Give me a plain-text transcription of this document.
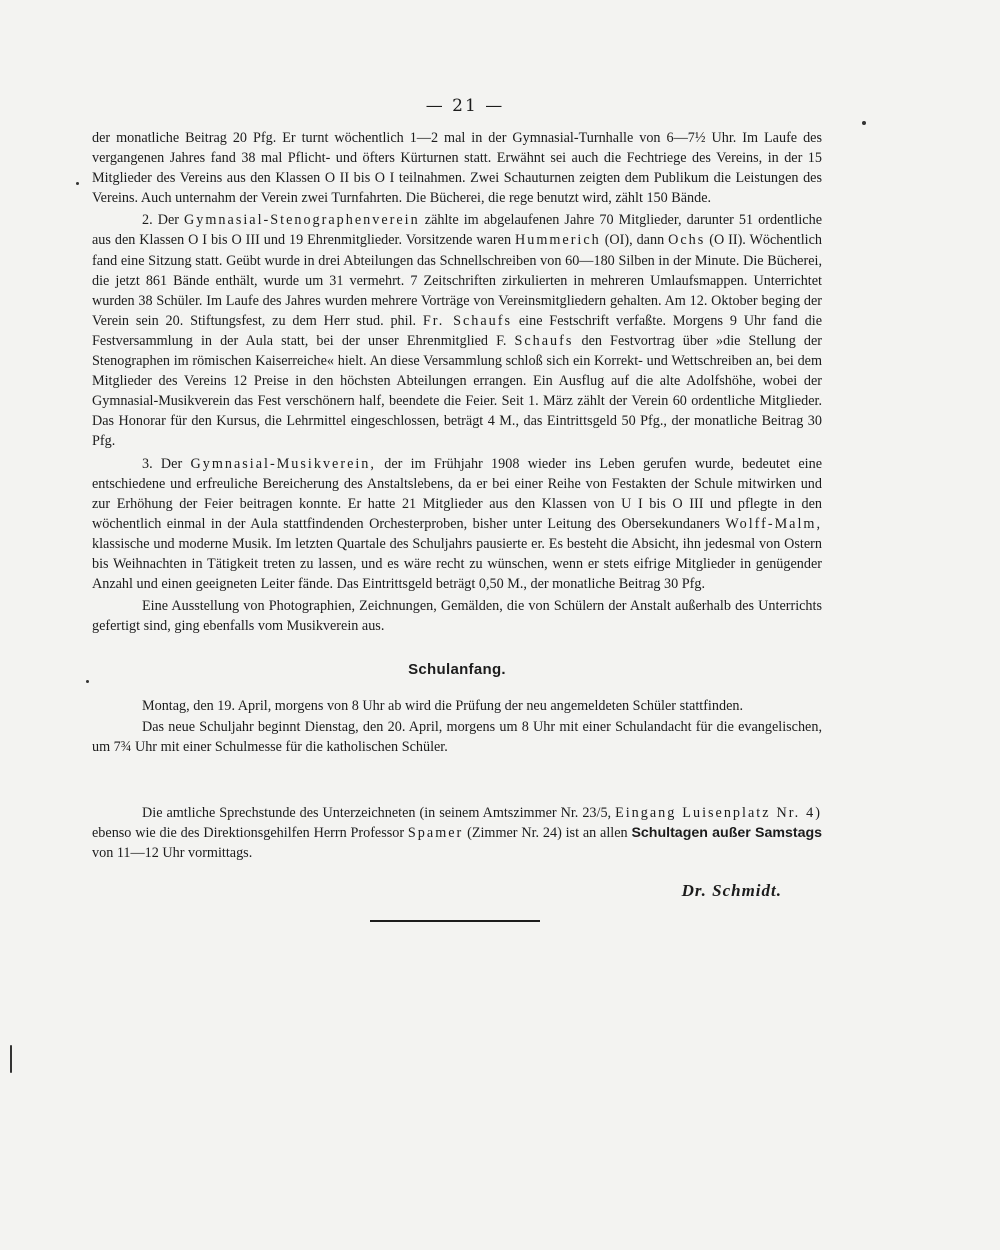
— 21 —

der monatliche Beitrag 20 Pfg. Er turnt wöchentlich 1—2 mal in der Gymnasial-Turnhalle von 6—7½ Uhr. Im Laufe des vergangenen Jahres fand 38 mal Pflicht- und öfters Kürturnen statt. Erwähnt sei auch die Fechtriege des Vereins, in der 15 Mitglieder des Vereins aus den Klassen O II bis O I teilnahmen. Zwei Schauturnen zeigten dem Publikum die Leistungen des Vereins. Auch unternahm der Verein zwei Turnfahrten. Die Bücherei, die rege benutzt wird, zählt 150 Bände.

2. Der Gymnasial-Stenographenverein zählte im abgelaufenen Jahre 70 Mitglieder, darunter 51 ordentliche aus den Klassen O I bis O III und 19 Ehrenmitglieder. Vorsitzende waren Hummerich (OI), dann Ochs (O II). Wöchentlich fand eine Sitzung statt. Geübt wurde in drei Abteilungen das Schnellschreiben von 60—180 Silben in der Minute. Die Bücherei, die jetzt 861 Bände enthält, wurde um 31 vermehrt. 7 Zeitschriften zirkulierten in mehreren Umlaufsmappen. Unterrichtet wurden 38 Schüler. Im Laufe des Jahres wurden mehrere Vorträge von Vereinsmitgliedern gehalten. Am 12. Oktober beging der Verein sein 20. Stiftungsfest, zu dem Herr stud. phil. Fr. Schaufs eine Festschrift verfaßte. Morgens 9 Uhr fand die Festversammlung in der Aula statt, bei der unser Ehrenmitglied F. Schaufs den Festvortrag über »die Stellung der Stenographen im römischen Kaiserreiche« hielt. An diese Versammlung schloß sich ein Korrekt- und Wettschreiben an, bei dem Mitglieder des Vereins 12 Preise in den höchsten Abteilungen errangen. Ein Ausflug auf die alte Adolfshöhe, wobei der Gymnasial-Musikverein das Fest verschönern half, beendete die Feier. Seit 1. März zählt der Verein 60 ordentliche Mitglieder. Das Honorar für den Kursus, die Lehrmittel eingeschlossen, beträgt 4 M., das Eintrittsgeld 50 Pfg., der monatliche Beitrag 30 Pfg.

3. Der Gymnasial-Musikverein, der im Frühjahr 1908 wieder ins Leben gerufen wurde, bedeutet eine entschiedene und erfreuliche Bereicherung des Anstaltslebens, da er bei einer Reihe von Festakten der Schule mitwirken und zur Erhöhung der Feier beitragen konnte. Er hatte 21 Mitglieder aus den Klassen von U I bis O III und pflegte in den wöchentlich einmal in der Aula stattfindenden Orchesterproben, bisher unter Leitung des Obersekundaners Wolff-Malm, klassische und moderne Musik. Im letzten Quartale des Schuljahrs pausierte er. Es besteht die Absicht, ihn jedesmal von Ostern bis Weihnachten in Tätigkeit treten zu lassen, und es wäre recht zu wünschen, wenn er stets eifrige Mitglieder in genügender Anzahl und einen geeigneten Leiter fände. Das Eintrittsgeld beträgt 0,50 M., der monatliche Beitrag 30 Pfg.

Eine Ausstellung von Photographien, Zeichnungen, Gemälden, die von Schülern der Anstalt außerhalb des Unterrichts gefertigt sind, ging ebenfalls vom Musikverein aus.

Schulanfang.

Montag, den 19. April, morgens von 8 Uhr ab wird die Prüfung der neu angemeldeten Schüler stattfinden.

Das neue Schuljahr beginnt Dienstag, den 20. April, morgens um 8 Uhr mit einer Schulandacht für die evangelischen, um 7¾ Uhr mit einer Schulmesse für die katholischen Schüler.

Die amtliche Sprechstunde des Unterzeichneten (in seinem Amtszimmer Nr. 23/5, Eingang Luisenplatz Nr. 4) ebenso wie die des Direktionsgehilfen Herrn Professor Spamer (Zimmer Nr. 24) ist an allen Schultagen außer Samstags von 11—12 Uhr vormittags.

Dr. Schmidt.
